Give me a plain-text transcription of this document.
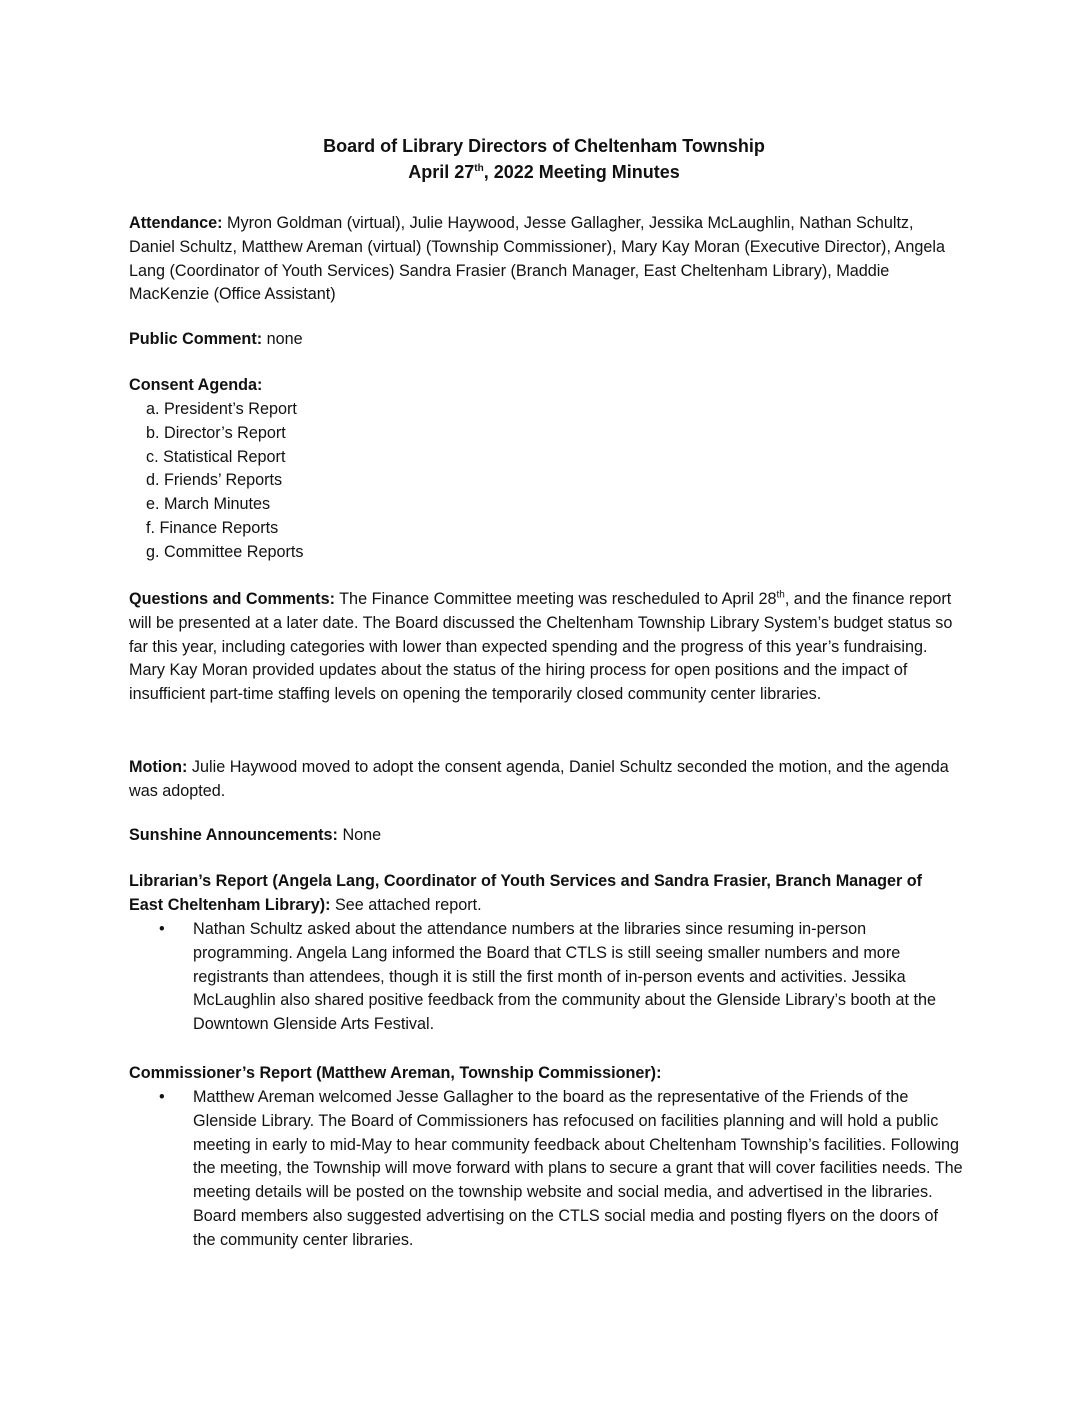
Board of Library Directors of Cheltenham Township
April 27th, 2022 Meeting Minutes

Attendance: Myron Goldman (virtual), Julie Haywood, Jesse Gallagher, Jessika McLaughlin, Nathan Schultz, Daniel Schultz, Matthew Areman (virtual) (Township Commissioner), Mary Kay Moran (Executive Director), Angela Lang (Coordinator of Youth Services) Sandra Frasier (Branch Manager, East Cheltenham Library), Maddie MacKenzie (Office Assistant)

Public Comment: none

Consent Agenda:

a. President’s Report
b. Director’s Report
c. Statistical Report
d. Friends’ Reports
e. March Minutes
f. Finance Reports
g. Committee Reports

Questions and Comments: The Finance Committee meeting was rescheduled to April 28th, and the finance report will be presented at a later date. The Board discussed the Cheltenham Township Library System’s budget status so far this year, including categories with lower than expected spending and the progress of this year’s fundraising. Mary Kay Moran provided updates about the status of the hiring process for open positions and the impact of insufficient part-time staffing levels on opening the temporarily closed community center libraries.

Motion: Julie Haywood moved to adopt the consent agenda, Daniel Schultz seconded the motion, and the agenda was adopted.

Sunshine Announcements: None

Librarian’s Report (Angela Lang, Coordinator of Youth Services and Sandra Frasier, Branch Manager of East Cheltenham Library): See attached report.

•	Nathan Schultz asked about the attendance numbers at the libraries since resuming in-person programming. Angela Lang informed the Board that CTLS is still seeing smaller numbers and more registrants than attendees, though it is still the first month of in-person events and activities. Jessika McLaughlin also shared positive feedback from the community about the Glenside Library’s booth at the Downtown Glenside Arts Festival.

Commissioner’s Report (Matthew Areman, Township Commissioner):

•	Matthew Areman welcomed Jesse Gallagher to the board as the representative of the Friends of the Glenside Library. The Board of Commissioners has refocused on facilities planning and will hold a public meeting in early to mid-May to hear community feedback about Cheltenham Township’s facilities. Following the meeting, the Township will move forward with plans to secure a grant that will cover facilities needs. The meeting details will be posted on the township website and social media, and advertised in the libraries. Board members also suggested advertising on the CTLS social media and posting flyers on the doors of the community center libraries.
